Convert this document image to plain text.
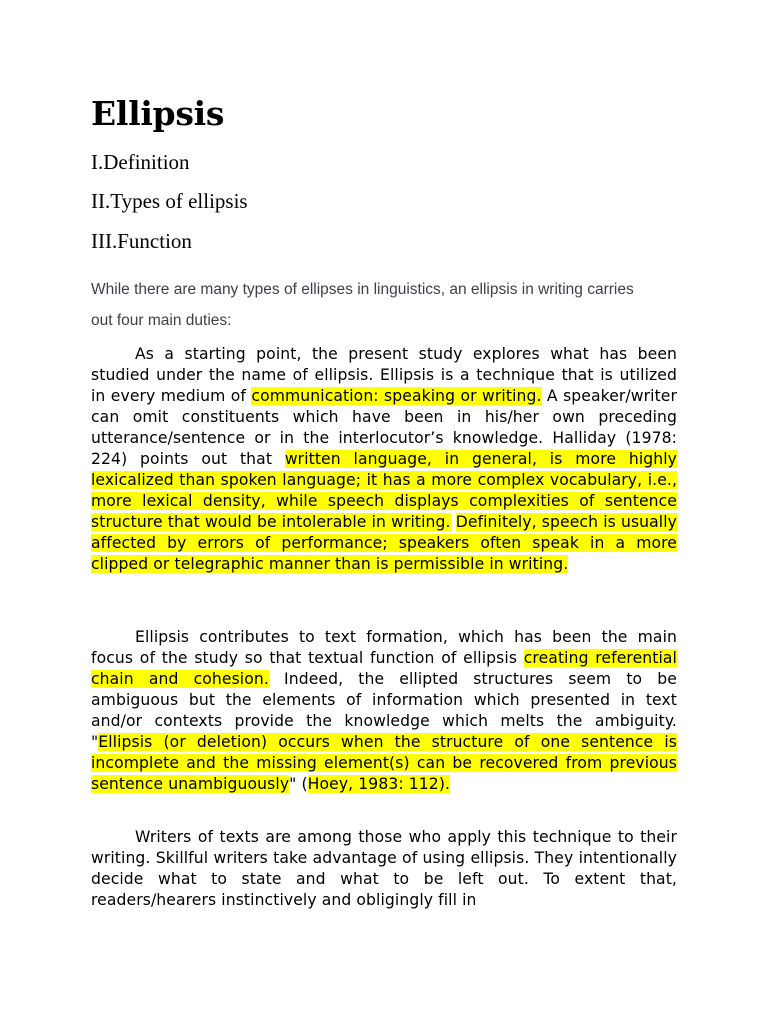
Ellipsis

I.Definition

II.Types of ellipsis

III.Function

While there are many types of ellipses in linguistics, an ellipsis in writing carries out four main duties:

As a starting point, the present study explores what has been studied under the name of ellipsis. Ellipsis is a technique that is utilized in every medium of communication: speaking or writing. A speaker/writer can omit constituents which have been in his/her own preceding utterance/sentence or in the interlocutor’s knowledge. Halliday (1978: 224) points out that written language, in general, is more highly lexicalized than spoken language; it has a more complex vocabulary, i.e., more lexical density, while speech displays complexities of sentence structure that would be intolerable in writing. Definitely, speech is usually affected by errors of performance; speakers often speak in a more clipped or telegraphic manner than is permissible in writing.

Ellipsis contributes to text formation, which has been the main focus of the study so that textual function of ellipsis creating referential chain and cohesion. Indeed, the ellipted structures seem to be ambiguous but the elements of information which presented in text and/or contexts provide the knowledge which melts the ambiguity. "Ellipsis (or deletion) occurs when the structure of one sentence is incomplete and the missing element(s) can be recovered from previous sentence unambiguously" (Hoey, 1983: 112).

Writers of texts are among those who apply this technique to their writing. Skillful writers take advantage of using ellipsis. They intentionally decide what to state and what to be left out. To extent that, readers/hearers instinctively and obligingly fill in
